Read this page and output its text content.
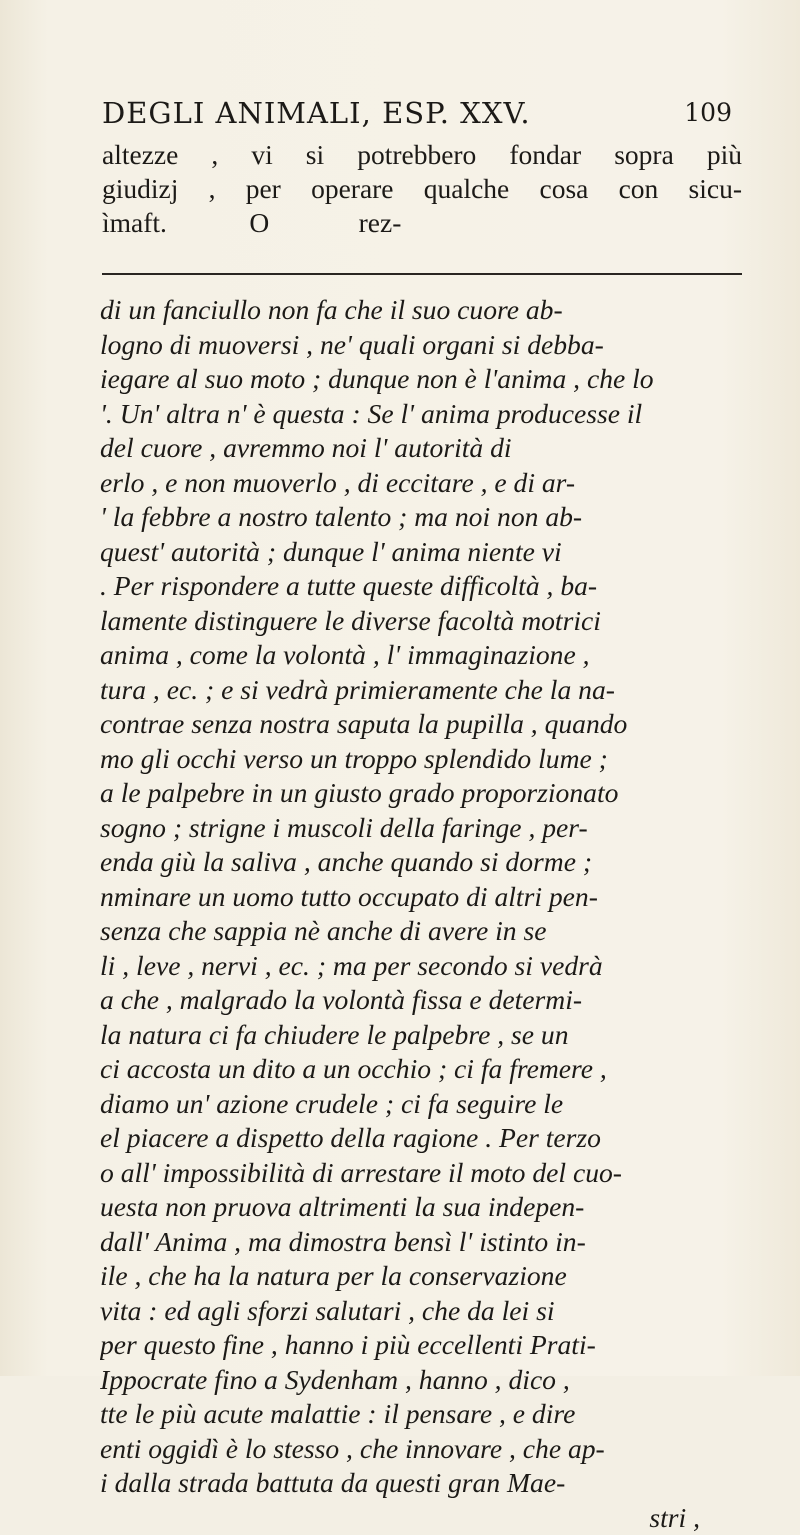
DEGLI ANIMALI, ESP. XXV.	109
altezze , vi si potrebbero fondar sopra più
giudizj , per operare qualche cosa con sicu-
ìmaft.            O             rez-
di un fanciullo non fa che il suo cuore ab-
logno di muoversi , ne' quali organi si debba-
iegare al suo moto ; dunque non è l'anima , che lo
'. Un' altra n' è questa : Se l' anima producesse il
del cuore , avremmo noi l' autorità di
erlo , e non muoverlo , di eccitare , e di ar-
' la febbre a nostro talento ; ma noi non ab-
quest' autorità ; dunque l' anima niente vi
. Per rispondere a tutte queste difficoltà , ba-
lamente distinguere le diverse facoltà motrici
anima , come la volontà , l' immaginazione ,
tura , ec. ; e si vedrà primieramente che la na-
contrae senza nostra saputa la pupilla , quando
mo gli occhi verso un troppo splendido lume ;
a le palpebre in un giusto grado proporzionato
sogno ; strigne i muscoli della faringe , per-
enda giù la saliva , anche quando si dorme ;
nminare un uomo tutto occupato di altri pen-
senza che sappia nè anche di avere in se
li , leve , nervi , ec. ; ma per secondo si vedrà
a che , malgrado la volontà fissa e determi-
la natura ci fa chiudere le palpebre , se un
ci accosta un dito a un occhio ; ci fa fremere ,
diamo un' azione crudele ; ci fa seguire le
el piacere a dispetto della ragione . Per terzo
o all' impossibilità di arrestare il moto del cuo-
uesta non pruova altrimenti la sua indepen-
dall' Anima , ma dimostra bensì l' istinto in-
ile , che ha la natura per la conservazione
vita : ed agli sforzi salutari , che da lei si
per questo fine , hanno i più eccellenti Prati-
Ippocrate fino a Sydenham , hanno , dico ,
tte le più acute malattie : il pensare , e dire
enti oggidì è lo stesso , che innovare , che ap-
i dalla strada battuta da questi gran Mae-
stri ,
